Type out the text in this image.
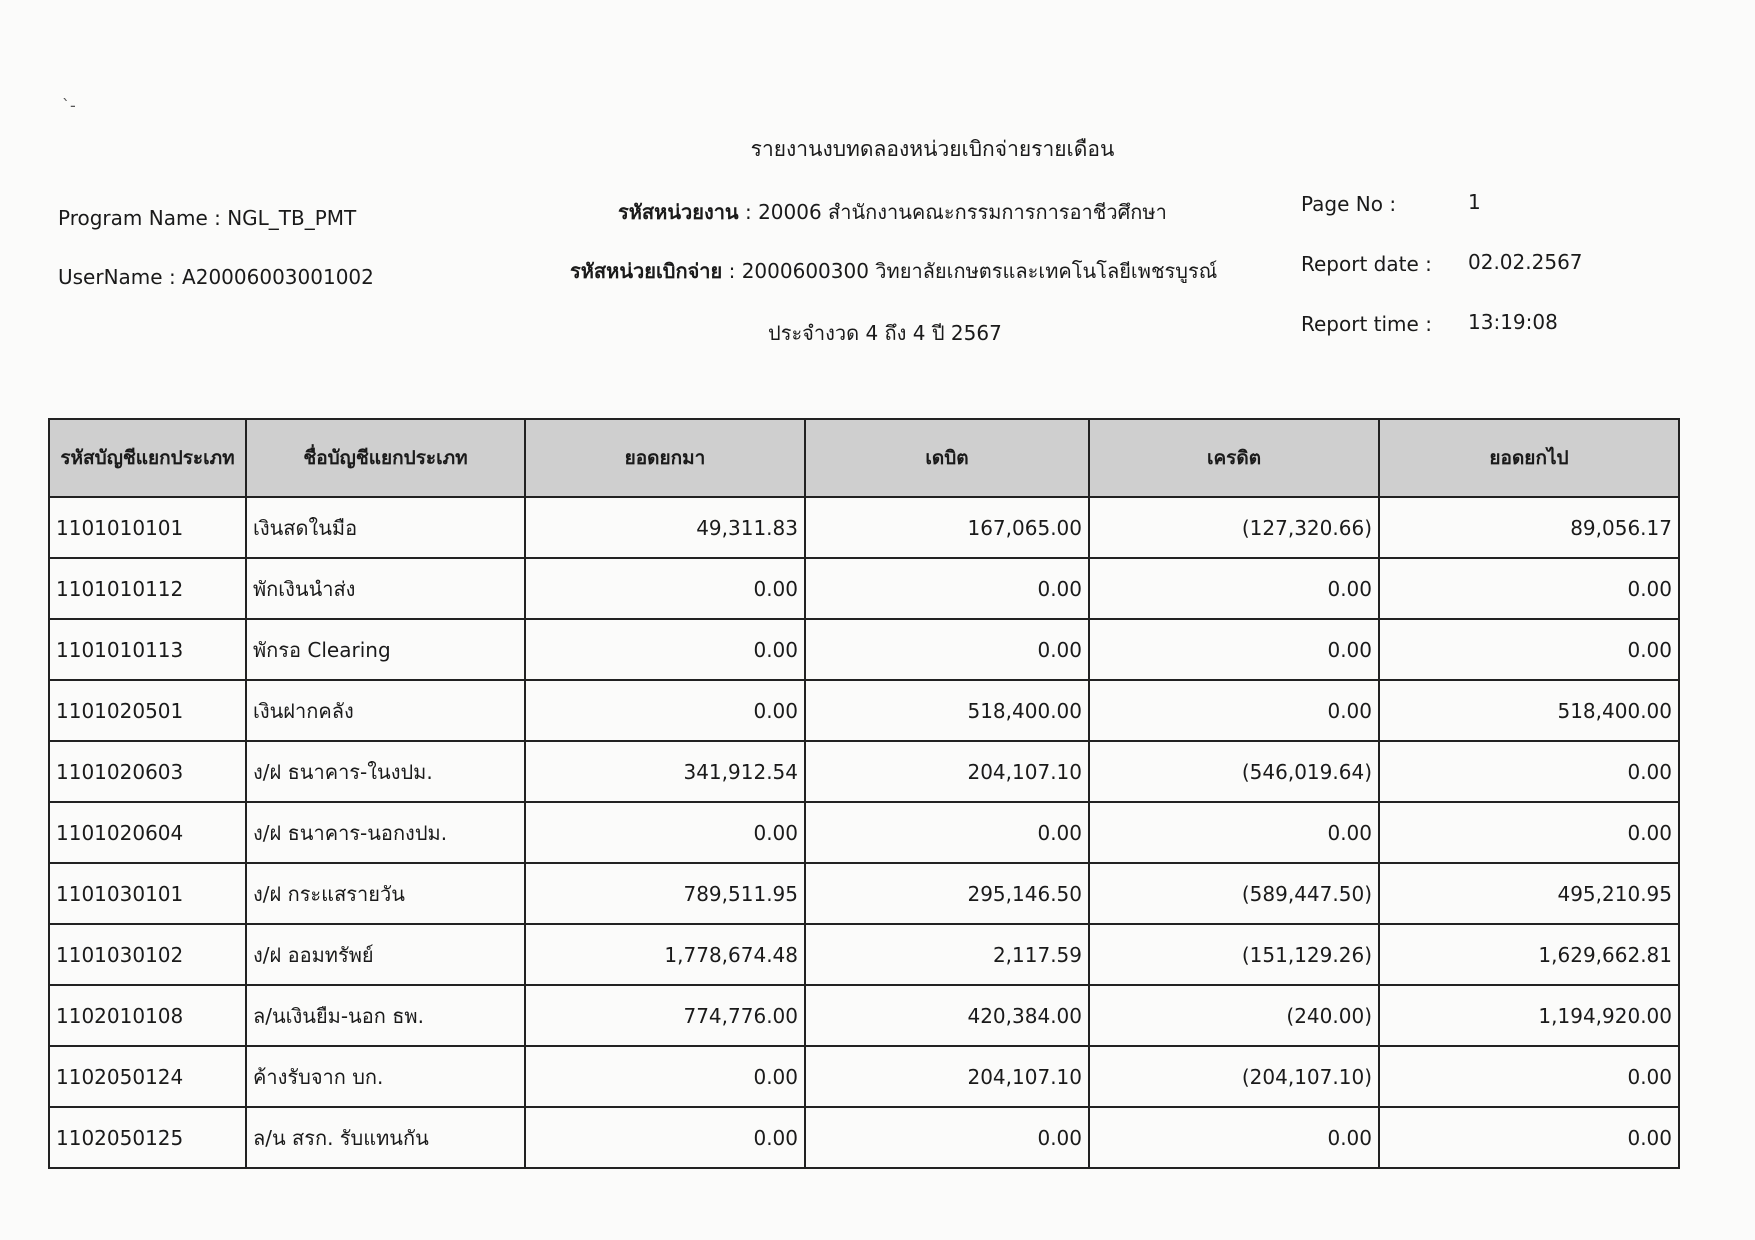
ˋ‐
รายงานงบทดลองหน่วยเบิกจ่ายรายเดือน
Program Name : NGL_TB_PMT
UserName : A20006003001002
รหัสหน่วยงาน : 20006 สำนักงานคณะกรรมการการอาชีวศึกษา
รหัสหน่วยเบิกจ่าย : 2000600300 วิทยาลัยเกษตรและเทคโนโลยีเพชรบูรณ์
ประจำงวด 4 ถึง 4 ปี 2567
Page No :	1
Report date : 02.02.2567
Report time : 13:19:08
รหัสบัญชีแยกประเภท	ชื่อบัญชีแยกประเภท	ยอดยกมา	เดบิต	เครดิต	ยอดยกไป
1101010101	เงินสดในมือ	49,311.83	167,065.00	(127,320.66)	89,056.17
1101010112	พักเงินนำส่ง	0.00	0.00	0.00	0.00
1101010113	พักรอ Clearing	0.00	0.00	0.00	0.00
1101020501	เงินฝากคลัง	0.00	518,400.00	0.00	518,400.00
1101020603	ง/ฝ ธนาคาร-ในงปม.	341,912.54	204,107.10	(546,019.64)	0.00
1101020604	ง/ฝ ธนาคาร-นอกงปม.	0.00	0.00	0.00	0.00
1101030101	ง/ฝ กระแสรายวัน	789,511.95	295,146.50	(589,447.50)	495,210.95
1101030102	ง/ฝ ออมทรัพย์	1,778,674.48	2,117.59	(151,129.26)	1,629,662.81
1102010108	ล/นเงินยืม-นอก ธพ.	774,776.00	420,384.00	(240.00)	1,194,920.00
1102050124	ค้างรับจาก บก.	0.00	204,107.10	(204,107.10)	0.00
1102050125	ล/น สรก. รับแทนกัน	0.00	0.00	0.00	0.00
